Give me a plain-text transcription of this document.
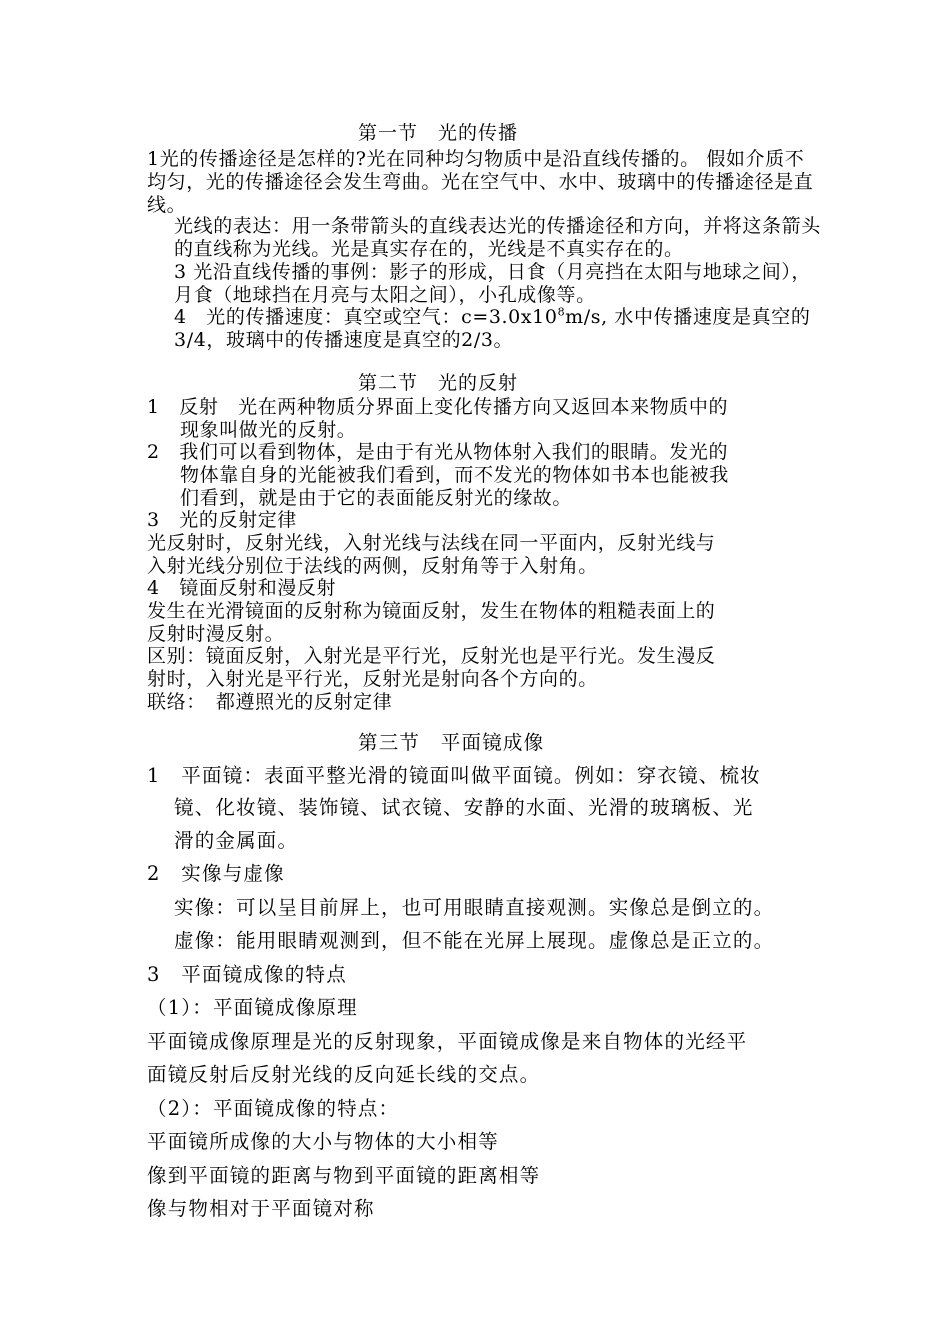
第一节　光的传播
1光的传播途径是怎样的?光在同种均匀物质中是沿直线传播的。 假如介质不
均匀，光的传播途径会发生弯曲。光在空气中、水中、玻璃中的传播途径是直
线。
光线的表达：用一条带箭头的直线表达光的传播途径和方向，并将这条箭头
的直线称为光线。光是真实存在的，光线是不真实存在的。
3 光沿直线传播的事例：影子的形成，日食（月亮挡在太阳与地球之间），
月食（地球挡在月亮与太阳之间），小孔成像等。
4　光的传播速度：真空或空气：$c=3.0x10^8m/s$, 水中传播速度是真空的
3/4，玻璃中的传播速度是真空的2/3。
第二节　光的反射
1　反射　光在两种物质分界面上变化传播方向又返回本来物质中的
现象叫做光的反射。
2　我们可以看到物体，是由于有光从物体射入我们的眼睛。发光的
物体靠自身的光能被我们看到，而不发光的物体如书本也能被我
们看到，就是由于它的表面能反射光的缘故。
3　光的反射定律
光反射时，反射光线，入射光线与法线在同一平面内，反射光线与
入射光线分别位于法线的两侧，反射角等于入射角。
4　镜面反射和漫反射
发生在光滑镜面的反射称为镜面反射，发生在物体的粗糙表面上的
反射时漫反射。
区别：镜面反射，入射光是平行光，反射光也是平行光。发生漫反
射时，入射光是平行光，反射光是射向各个方向的。
联络：　都遵照光的反射定律
第三节　平面镜成像
1　平面镜：表面平整光滑的镜面叫做平面镜。例如：穿衣镜、梳妆
镜、化妆镜、装饰镜、试衣镜、安静的水面、光滑的玻璃板、光
滑的金属面。
2　实像与虚像
实像：可以呈目前屏上，也可用眼睛直接观测。实像总是倒立的。
虚像：能用眼睛观测到，但不能在光屏上展现。虚像总是正立的。
3　平面镜成像的特点
（1）：平面镜成像原理
平面镜成像原理是光的反射现象，平面镜成像是来自物体的光经平
面镜反射后反射光线的反向延长线的交点。
（2）：平面镜成像的特点：
平面镜所成像的大小与物体的大小相等
像到平面镜的距离与物到平面镜的距离相等
像与物相对于平面镜对称
